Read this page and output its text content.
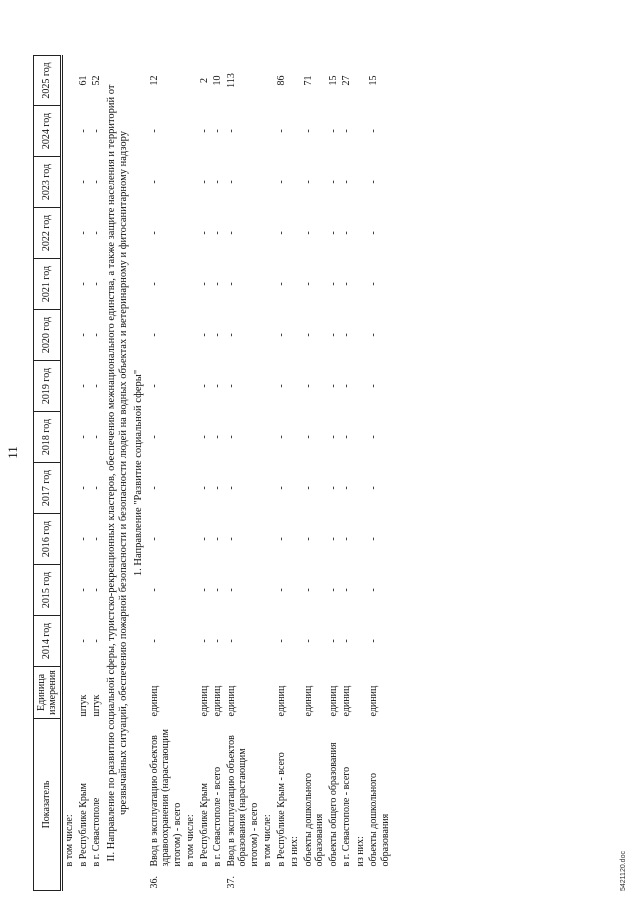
11
Показатель		Единица измерения	2014 год	2015 год	2016 год	2017 год	2018 год	2019 год	2020 год	2021 год	2022 год	2023 год	2024 год	2025 год
	в том числе:													
	в Республике Крым	штук	-	-	-	-	-	-	-	-	-	-	-	61
	в г. Севастополе	штук	-	-	-	-	-	-	-	-	-	-	-	52
II. Направление по развитию социальной сферы, туристско-рекреационных кластеров, обеспечению межнационального единства, а также защите населения и территорий от чрезвычайных ситуаций, обеспечению пожарной безопасности и безопасности людей на водных объектах и ветеринарному и фитосанитарному надзору														
1. Направление "Развитие социальной сферы"														
36.	Ввод в эксплуатацию объектов здравоохранения (нарастающим итогом) - всего	единиц	-	-	-	-	-	-	-	-	-	-	-	12
	в том числе:													
	в Республике Крым	единиц	-	-	-	-	-	-	-	-	-	-	-	2
	в г. Севастополе - всего	единиц	-	-	-	-	-	-	-	-	-	-	-	10
37.	Ввод в эксплуатацию объектов образования (нарастающим итогом) - всего	единиц	-	-	-	-	-	-	-	-	-	-	-	113
	в том числе:													
	в Республике Крым - всего	единиц	-	-	-	-	-	-	-	-	-	-	-	86
	из них:													
	объекты дошкольного образования	единиц	-	-	-	-	-	-	-	-	-	-	-	71
	объекты общего образования	единиц	-	-	-	-	-	-	-	-	-	-	-	15
	в г. Севастополе - всего	единиц	-	-	-	-	-	-	-	-	-	-	-	27
	из них:													
	объекты дошкольного образования	единиц	-	-	-	-	-	-	-	-	-	-	-	15
5421120.doc
